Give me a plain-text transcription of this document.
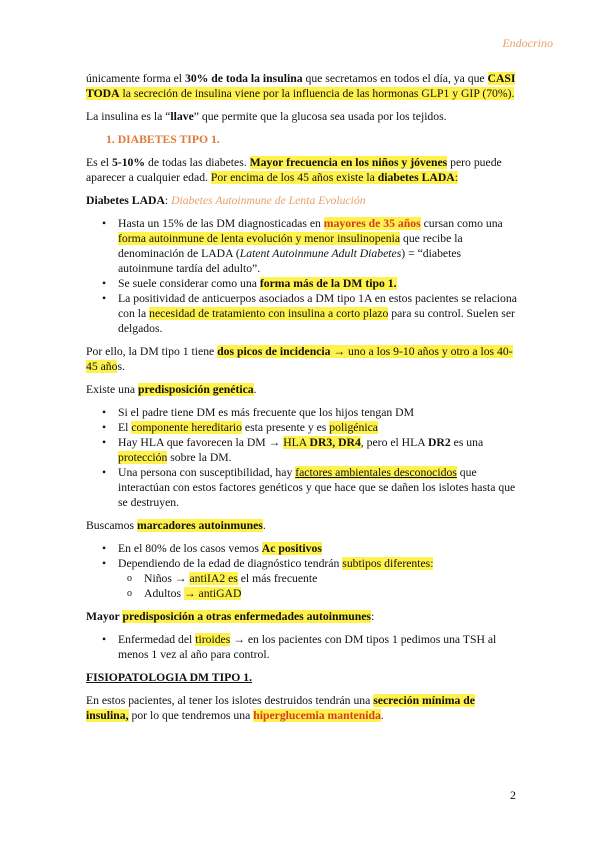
Endocrino

únicamente forma el 30% de toda la insulina que secretamos en todos el día, ya que CASI TODA la secreción de insulina viene por la influencia de las hormonas GLP1 y GIP (70%).

La insulina es la “llave” que permite que la glucosa sea usada por los tejidos.

1. DIABETES TIPO 1.

Es el 5-10% de todas las diabetes. Mayor frecuencia en los niños y jóvenes pero puede aparecer a cualquier edad. Por encima de los 45 años existe la diabetes LADA:

Diabetes LADA: Diabetes Autoinmune de Lenta Evolución

• Hasta un 15% de las DM diagnosticadas en mayores de 35 años cursan como una forma autoinmune de lenta evolución y menor insulinopenia que recibe la denominación de LADA (Latent Autoinmune Adult Diabetes) = “diabetes autoinmune tardía del adulto”.
• Se suele considerar como una forma más de la DM tipo 1.
• La positividad de anticuerpos asociados a DM tipo 1A en estos pacientes se relaciona con la necesidad de tratamiento con insulina a corto plazo para su control. Suelen ser delgados.

Por ello, la DM tipo 1 tiene dos picos de incidencia → uno a los 9-10 años y otro a los 40-45 años.

Existe una predisposición genética.

• Si el padre tiene DM es más frecuente que los hijos tengan DM
• El componente hereditario esta presente y es poligénica
• Hay HLA que favorecen la DM → HLA DR3, DR4, pero el HLA DR2 es una protección sobre la DM.
• Una persona con susceptibilidad, hay factores ambientales desconocidos que interactúan con estos factores genéticos y que hace que se dañen los islotes hasta que se destruyen.

Buscamos marcadores autoinmunes.

• En el 80% de los casos vemos Ac positivos
• Dependiendo de la edad de diagnóstico tendrán subtipos diferentes:
o Niños → antiIA2 es el más frecuente
o Adultos → antiGAD

Mayor predisposición a otras enfermedades autoinmunes:

• Enfermedad del tiroides → en los pacientes con DM tipos 1 pedimos una TSH al menos 1 vez al año para control.

FISIOPATOLOGIA DM TIPO 1.

En estos pacientes, al tener los islotes destruidos tendrán una secreción mínima de insulina, por lo que tendremos una hiperglucemia mantenida.

2
